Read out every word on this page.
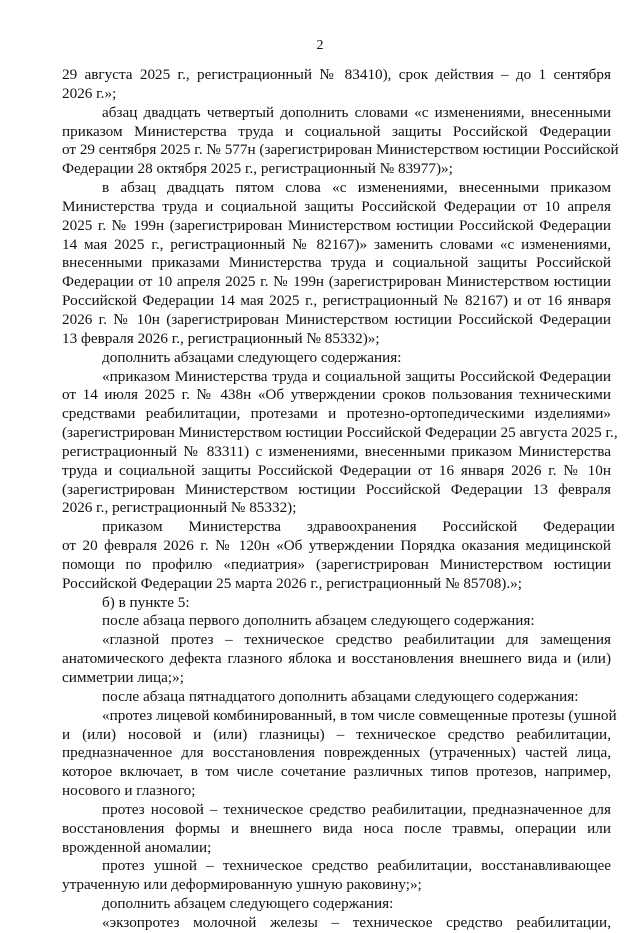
2

29 августа 2025 г., регистрационный № 83410), срок действия – до 1 сентября

2026 г.»;

абзац двадцать четвертый дополнить словами «с изменениями, внесенными

приказом Министерства труда и социальной защиты Российской Федерации

от 29 сентября 2025 г. № 577н (зарегистрирован Министерством юстиции Российской

Федерации 28 октября 2025 г., регистрационный № 83977)»;

в абзац двадцать пятом слова «с изменениями, внесенными приказом

Министерства труда и социальной защиты Российской Федерации от 10 апреля

2025 г. № 199н (зарегистрирован Министерством юстиции Российской Федерации

14 мая 2025 г., регистрационный № 82167)» заменить словами «с изменениями,

внесенными приказами Министерства труда и социальной защиты Российской

Федерации от 10 апреля 2025 г. № 199н (зарегистрирован Министерством юстиции

Российской Федерации 14 мая 2025 г., регистрационный № 82167) и от 16 января

2026 г. № 10н (зарегистрирован Министерством юстиции Российской Федерации

13 февраля 2026 г., регистрационный № 85332)»;

дополнить абзацами следующего содержания:

«приказом Министерства труда и социальной защиты Российской Федерации

от 14 июля 2025 г. № 438н «Об утверждении сроков пользования техническими

средствами реабилитации, протезами и протезно-ортопедическими изделиями»

(зарегистрирован Министерством юстиции Российской Федерации 25 августа 2025 г.,

регистрационный № 83311) с изменениями, внесенными приказом Министерства

труда и социальной защиты Российской Федерации от 16 января 2026 г. № 10н

(зарегистрирован Министерством юстиции Российской Федерации 13 февраля

2026 г., регистрационный № 85332);

приказом Министерства здравоохранения Российской Федерации

от 20 февраля 2026 г. № 120н «Об утверждении Порядка оказания медицинской

помощи по профилю «педиатрия» (зарегистрирован Министерством юстиции

Российской Федерации 25 марта 2026 г., регистрационный № 85708).»;

б) в пункте 5:

после абзаца первого дополнить абзацем следующего содержания:

«глазной протез – техническое средство реабилитации для замещения

анатомического дефекта глазного яблока и восстановления внешнего вида и (или)

симметрии лица;»;

после абзаца пятнадцатого дополнить абзацами следующего содержания:

«протез лицевой комбинированный, в том числе совмещенные протезы (ушной

и (или) носовой и (или) глазницы) – техническое средство реабилитации,

предназначенное для восстановления поврежденных (утраченных) частей лица,

которое включает, в том числе сочетание различных типов протезов, например,

носового и глазного;

протез носовой – техническое средство реабилитации, предназначенное для

восстановления формы и внешнего вида носа после травмы, операции или

врожденной аномалии;

протез ушной – техническое средство реабилитации, восстанавливающее

утраченную или деформированную ушную раковину;»;

дополнить абзацем следующего содержания:

«экзопротез молочной железы – техническое средство реабилитации,
